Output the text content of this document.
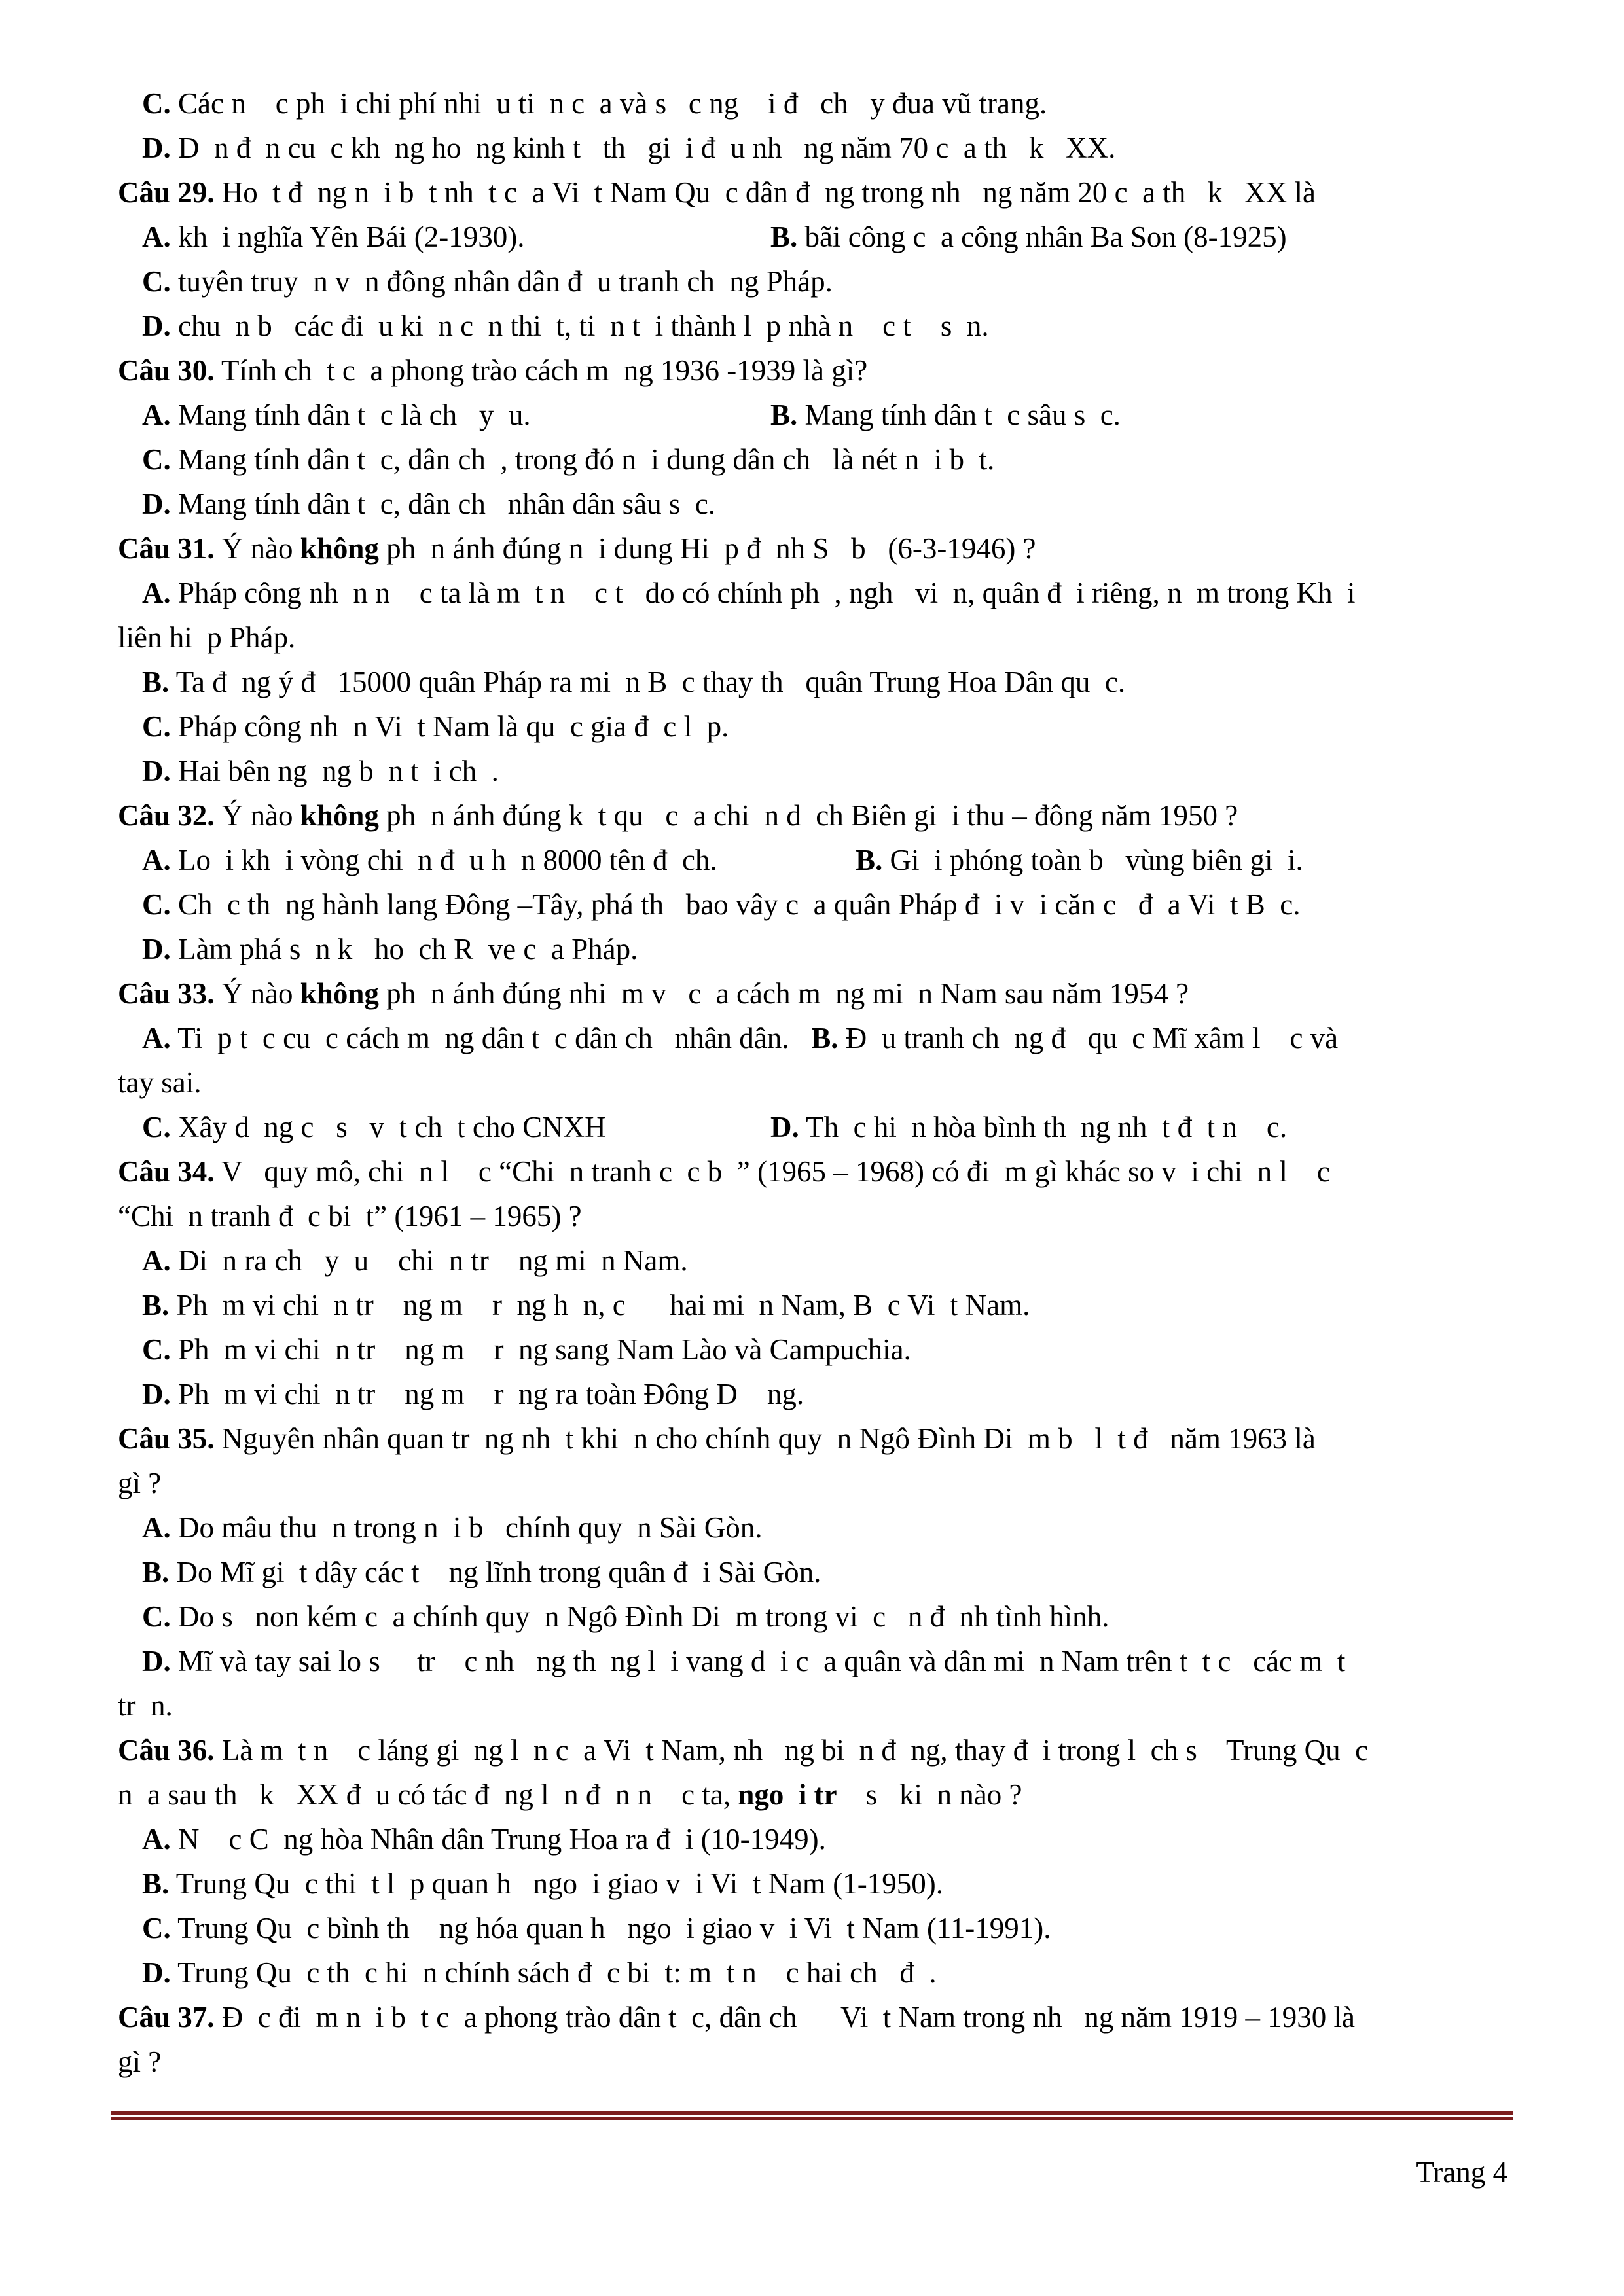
C. Các n    c ph  i chi phí nhi  u ti  n c  a và s   c ng    i đ   ch   y đua vũ trang.
D. D  n đ  n cu  c kh  ng ho  ng kinh t   th   gi  i đ  u nh   ng năm 70 c  a th   k   XX.
Câu 29. Ho  t đ  ng n  i b  t nh  t c  a Vi  t Nam Qu  c dân đ  ng trong nh   ng năm 20 c  a th   k   XX là
A. kh  i nghĩa Yên Bái (2-1930).	B. bãi công c  a công nhân Ba Son (8-1925)
C. tuyên truy  n v  n đông nhân dân đ  u tranh ch  ng Pháp.
D. chu  n b   các đi  u ki  n c  n thi  t, ti  n t  i thành l  p nhà n    c t    s  n.
Câu 30. Tính ch  t c  a phong trào cách m  ng 1936 -1939 là gì?
A. Mang tính dân t  c là ch   y  u.	B. Mang tính dân t  c sâu s  c.
C. Mang tính dân t  c, dân ch  , trong đó n  i dung dân ch   là nét n  i b  t.
D. Mang tính dân t  c, dân ch   nhân dân sâu s  c.
Câu 31. Ý nào không ph  n ánh đúng n  i dung Hi  p đ  nh S   b   (6-3-1946) ?
A. Pháp công nh  n n    c ta là m  t n    c t   do có chính ph  , ngh   vi  n, quân đ  i riêng, n  m trong Kh  i
liên hi  p Pháp.
B. Ta đ  ng ý đ   15000 quân Pháp ra mi  n B  c thay th   quân Trung Hoa Dân qu  c.
C. Pháp công nh  n Vi  t Nam là qu  c gia đ  c l  p.
D. Hai bên ng  ng b  n t  i ch  .
Câu 32. Ý nào không ph  n ánh đúng k  t qu   c  a chi  n d  ch Biên gi  i thu – đông năm 1950 ?
A. Lo  i kh  i vòng chi  n đ  u h  n 8000 tên đ  ch.	B. Gi  i phóng toàn b   vùng biên gi  i.
C. Ch  c th  ng hành lang Đông –Tây, phá th   bao vây c  a quân Pháp đ  i v  i căn c   đ  a Vi  t B  c.
D. Làm phá s  n k   ho  ch R  ve c  a Pháp.
Câu 33. Ý nào không ph  n ánh đúng nhi  m v   c  a cách m  ng mi  n Nam sau năm 1954 ?
A. Ti  p t  c cu  c cách m  ng dân t  c dân ch   nhân dân.   B. Đ  u tranh ch  ng đ   qu  c Mĩ xâm l    c và
tay sai.
C. Xây d  ng c   s   v  t ch  t cho CNXH	D. Th  c hi  n hòa bình th  ng nh  t đ  t n    c.
Câu 34. V   quy mô, chi  n l    c “Chi  n tranh c  c b  ” (1965 – 1968) có đi  m gì khác so v  i chi  n l    c
“Chi  n tranh đ  c bi  t” (1961 – 1965) ?
A. Di  n ra ch   y  u    chi  n tr    ng mi  n Nam.
B. Ph  m vi chi  n tr    ng m    r  ng h  n, c      hai mi  n Nam, B  c Vi  t Nam.
C. Ph  m vi chi  n tr    ng m    r  ng sang Nam Lào và Campuchia.
D. Ph  m vi chi  n tr    ng m    r  ng ra toàn Đông D    ng.
Câu 35. Nguyên nhân quan tr  ng nh  t khi  n cho chính quy  n Ngô Đình Di  m b   l  t đ   năm 1963 là
gì ?
A. Do mâu thu  n trong n  i b   chính quy  n Sài Gòn.
B. Do Mĩ gi  t dây các t    ng lĩnh trong quân đ  i Sài Gòn.
C. Do s   non kém c  a chính quy  n Ngô Đình Di  m trong vi  c   n đ  nh tình hình.
D. Mĩ và tay sai lo s     tr    c nh   ng th  ng l  i vang d  i c  a quân và dân mi  n Nam trên t  t c   các m  t
tr  n.
Câu 36. Là m  t n    c láng gi  ng l  n c  a Vi  t Nam, nh   ng bi  n đ  ng, thay đ  i trong l  ch s    Trung Qu  c
n  a sau th   k   XX đ  u có tác đ  ng l  n đ  n n    c ta, ngo  i tr    s   ki  n nào ?
A. N    c C  ng hòa Nhân dân Trung Hoa ra đ  i (10-1949).
B. Trung Qu  c thi  t l  p quan h   ngo  i giao v  i Vi  t Nam (1-1950).
C. Trung Qu  c bình th    ng hóa quan h   ngo  i giao v  i Vi  t Nam (11-1991).
D. Trung Qu  c th  c hi  n chính sách đ  c bi  t: m  t n    c hai ch   đ  .
Câu 37. Đ  c đi  m n  i b  t c  a phong trào dân t  c, dân ch      Vi  t Nam trong nh   ng năm 1919 – 1930 là
gì ?
Trang 4
